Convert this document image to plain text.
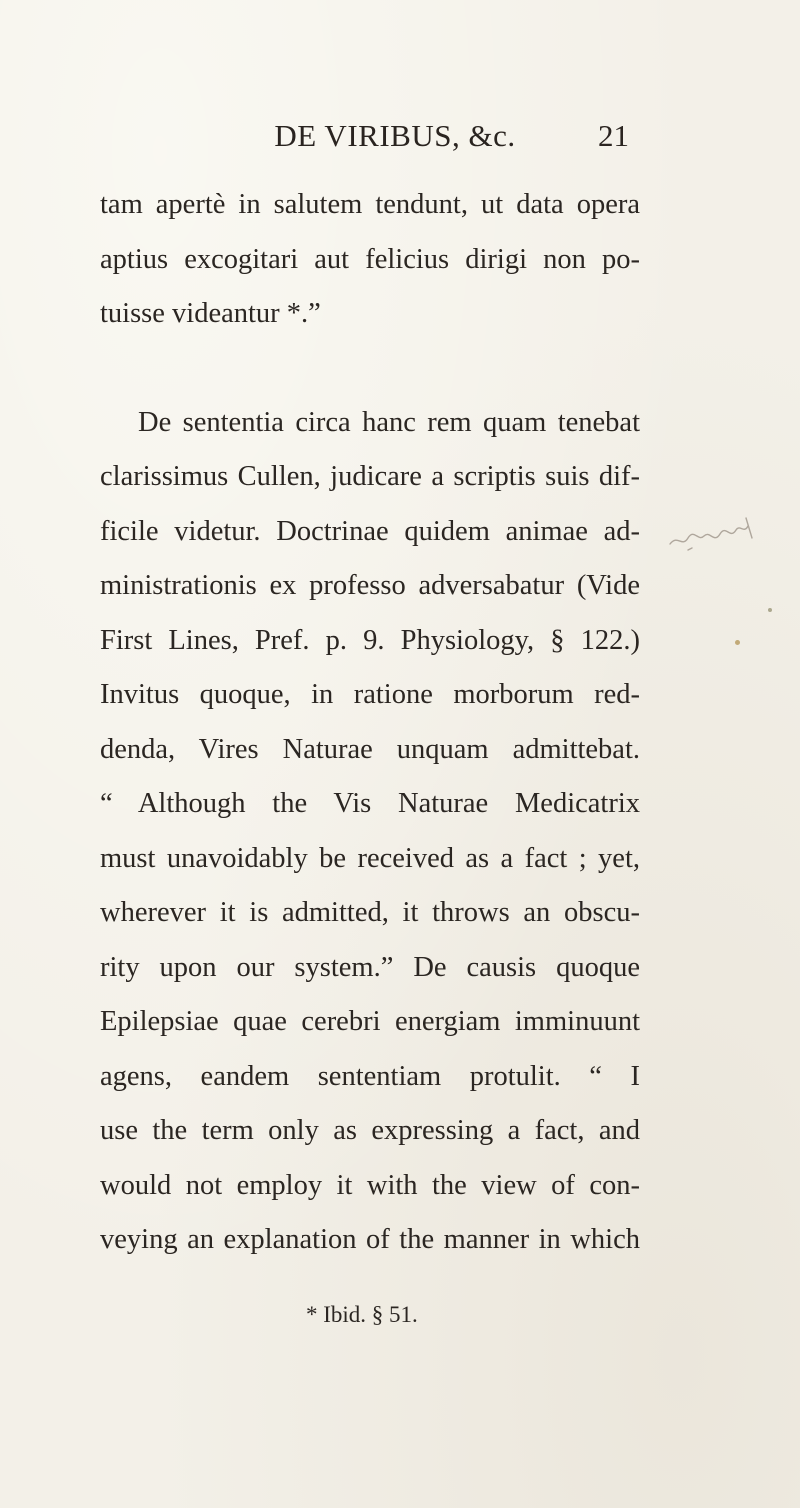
DE VIRIBUS, &c.	21
tam apertè in salutem tendunt, ut data opera
aptius excogitari aut felicius dirigi non po-
tuisse videantur *.”
De sententia circa hanc rem quam tenebat
clarissimus Cullen, judicare a scriptis suis dif-
ficile videtur. Doctrinae quidem animae ad-
ministrationis ex professo adversabatur (Vide
First Lines, Pref. p. 9. Physiology, § 122.)
Invitus quoque, in ratione morborum red-
denda, Vires Naturae unquam admittebat.
“ Although the Vis Naturae Medicatrix
must unavoidably be received as a fact ; yet,
wherever it is admitted, it throws an obscu-
rity upon our system.” De causis quoque
Epilepsiae quae cerebri energiam imminuunt
agens, eandem sententiam protulit. “ I
use the term only as expressing a fact, and
would not employ it with the view of con-
veying an explanation of the manner in which
* Ibid. § 51.
